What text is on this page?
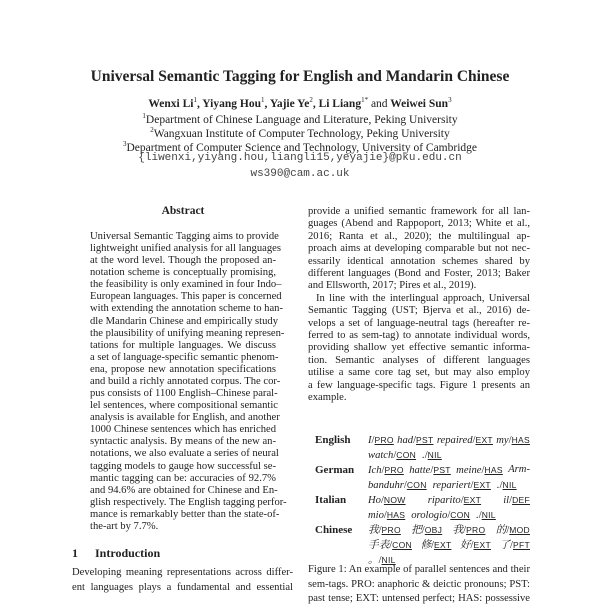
Universal Semantic Tagging for English and Mandarin Chinese
Wenxi Li$^1$, Yiyang Hou$^1$, Yajie Ye$^2$, Li Liang$^{1*}$ and Weiwei Sun$^3$
$^1$Department of Chinese Language and Literature, Peking University
$^2$Wangxuan Institute of Computer Technology, Peking University
$^3$Department of Computer Science and Technology, University of Cambridge
{liwenxi,yiyang.hou,liangli15,yeyajie}@pku.edu.cn
ws390@cam.ac.uk
Abstract
Universal Semantic Tagging aims to provide
lightweight unified analysis for all languages
at the word level. Though the proposed an-
notation scheme is conceptually promising,
the feasibility is only examined in four Indo–
European languages. This paper is concerned
with extending the annotation scheme to han-
dle Mandarin Chinese and empirically study
the plausibility of unifying meaning represen-
tations for multiple languages. We discuss
a set of language-specific semantic phenom-
ena, propose new annotation specifications
and build a richly annotated corpus. The cor-
pus consists of 1100 English–Chinese paral-
lel sentences, where compositional semantic
analysis is available for English, and another
1000 Chinese sentences which has enriched
syntactic analysis. By means of the new an-
notations, we also evaluate a series of neural
tagging models to gauge how successful se-
mantic tagging can be: accuracies of 92.7%
and 94.6% are obtained for Chinese and En-
glish respectively. The English tagging perfor-
mance is remarkably better than the state-of-
the-art by 7.7%.
1 Introduction
Developing meaning representations across differ-
ent languages plays a fundamental and essential
provide a unified semantic framework for all lan-
guages (Abend and Rappoport, 2013; White et al.,
2016; Ranta et al., 2020); the multilingual ap-
proach aims at developing comparable but not nec-
essarily identical annotation schemes shared by
different languages (Bond and Foster, 2013; Baker
and Ellsworth, 2017; Pires et al., 2019).
In line with the interlingual approach, Universal
Semantic Tagging (UST; Bjerva et al., 2016) de-
velops a set of language-neutral tags (hereafter re-
ferred to as sem-tag) to annotate individual words,
providing shallow yet effective semantic informa-
tion. Semantic analyses of different languages
utilise a same core tag set, but may also employ
a few language-specific tags. Figure 1 presents an
example.
English I/PRO had/PST repaired/EXT my/HAS
watch/CON ./NIL
German Ich/PRO hatte/PST meine/HAS Arm-
banduhr/CON repariert/EXT ./NIL
Italian Ho/NOW riparito/EXT il/DEF
mio/HAS orologio/CON ./NIL
Chinese 我/PRO 把/OBJ 我/PRO 的/MOD
手表/CON 修/EXT 好/EXT 了/PFT
。/NIL
Figure 1: An example of parallel sentences and their
sem-tags. PRO: anaphoric & deictic pronouns; PST:
past tense; EXT: untensed perfect; HAS: possessive
